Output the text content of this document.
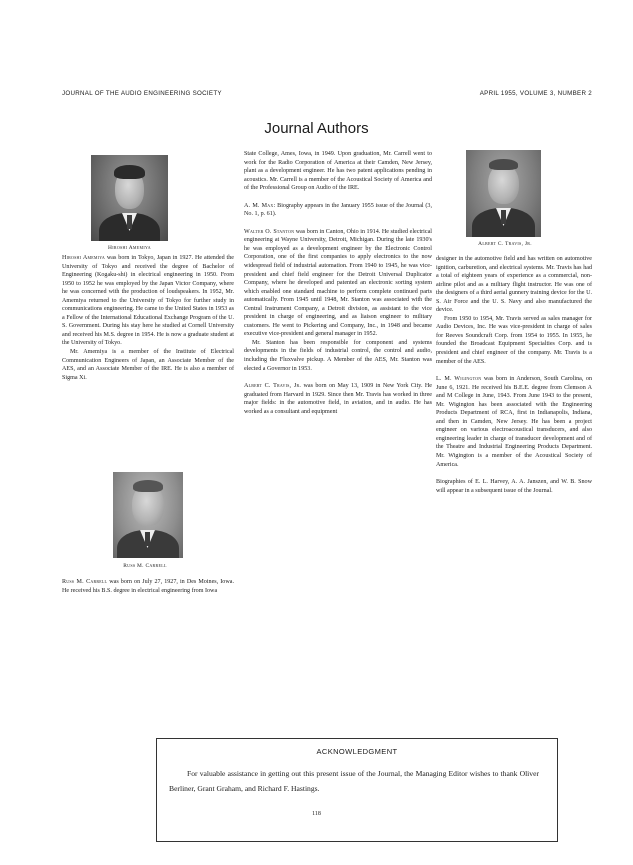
JOURNAL OF THE AUDIO ENGINEERING SOCIETY	APRIL 1955, VOLUME 3, NUMBER 2
Journal Authors
Hiroshi Amemiya
Albert C. Travis, Jr.
Russ M. Carrell

Hiroshi Amemiya was born in Tokyo, Japan in 1927. He attended the University of Tokyo and received the degree of Bachelor of Engineering (Kogaku-shi) in electrical engineering in 1950. From 1950 to 1952 he was employed by the Japan Victor Company, where he was concerned with the production of loudspeakers. In 1952, Mr. Amemiya returned to the University of Tokyo for further study in communications engineering. He came to the United States in 1953 as a Fellow of the International Educational Exchange Program of the U. S. Government. During his stay here he studied at Cornell University and received his M.S. degree in 1954. He is now a graduate student at the University of Tokyo.

Mr. Amemiya is a member of the Institute of Electrical Communication Engineers of Japan, an Associate Member of the AES, and an Associate Member of the IRE. He is also a member of Sigma Xi.

Russ M. Carrell was born on July 27, 1927, in Des Moines, Iowa. He received his B.S. degree in electrical engineering from Iowa

State College, Ames, Iowa, in 1949. Upon graduation, Mr. Carrell went to work for the Radio Corporation of America at their Camden, New Jersey, plant as a development engineer. He has two patent applications pending in acoustics. Mr. Carrell is a member of the Acoustical Society of America and of the Professional Group on Audio of the IRE.

A. M. Max: Biography appears in the January 1955 issue of the Journal (3, No. 1, p. 61).

Walter O. Stanton was born in Canton, Ohio in 1914. He studied electrical engineering at Wayne University, Detroit, Michigan. During the late 1930's he was employed as a development engineer by the Electronic Control Corporation, one of the first companies to apply electronics to the now widespread field of industrial automation. From 1940 to 1945, he was vice-president and chief field engineer for the Detroit Universal Duplicator Company, where he developed and patented an electronic sorting system which enabled one standard machine to perform complete continued parts automatically. From 1945 until 1948, Mr. Stanton was associated with the Central Instrument Company, a Detroit division, as assistant to the vice president in charge of engineering, and as liaison engineer to military customers. He went to Pickering and Company, Inc., in 1948 and became executive vice-president and general manager in 1952.

Mr. Stanton has been responsible for component and systems developments in the fields of industrial control, the control and audio, including the Fluxvalve pickup. A Member of the AES, Mr. Stanton was elected a Governor in 1953.

Albert C. Travis, Jr. was born on May 13, 1909 in New York City. He graduated from Harvard in 1929. Since then Mr. Travis has worked in three major fields: in the automotive field, in aviation, and in audio. He has worked as a consultant and equipment

designer in the automotive field and has written on automotive ignition, carburetion, and electrical systems. Mr. Travis has had a total of eighteen years of experience as a commercial, non-airline pilot and as a military flight instructor. He was one of the designers of a third aerial gunnery training device for the U. S. Air Force and the U. S. Navy and also manufactured the device.

From 1950 to 1954, Mr. Travis served as sales manager for Audio Devices, Inc. He was vice-president in charge of sales for Reeves Soundcraft Corp. from 1954 to 1955. In 1955, he founded the Broadcast Equipment Specialties Corp. and is president and chief engineer of the company. Mr. Travis is a member of the AES.

L. M. Wigington was born in Anderson, South Carolina, on June 6, 1921. He received his B.E.E. degree from Clemson A and M College in June, 1943. From June 1943 to the present, Mr. Wigington has been associated with the Engineering Products Department of RCA, first in Indianapolis, Indiana, and then in Camden, New Jersey. He has been a project engineer on various electroacoustical transducers, and also engineering leader in charge of transducer development and of the Theatre and Industrial Engineering Products Department. Mr. Wigington is a member of the Acoustical Society of America.

Biographies of E. L. Harvey, A. A. Janszen, and W. B. Snow will appear in a subsequent issue of the Journal.

ACKNOWLEDGMENT
For valuable assistance in getting out this present issue of the Journal, the Managing Editor wishes to thank Oliver Berliner, Grant Graham, and Richard F. Hastings.
118
